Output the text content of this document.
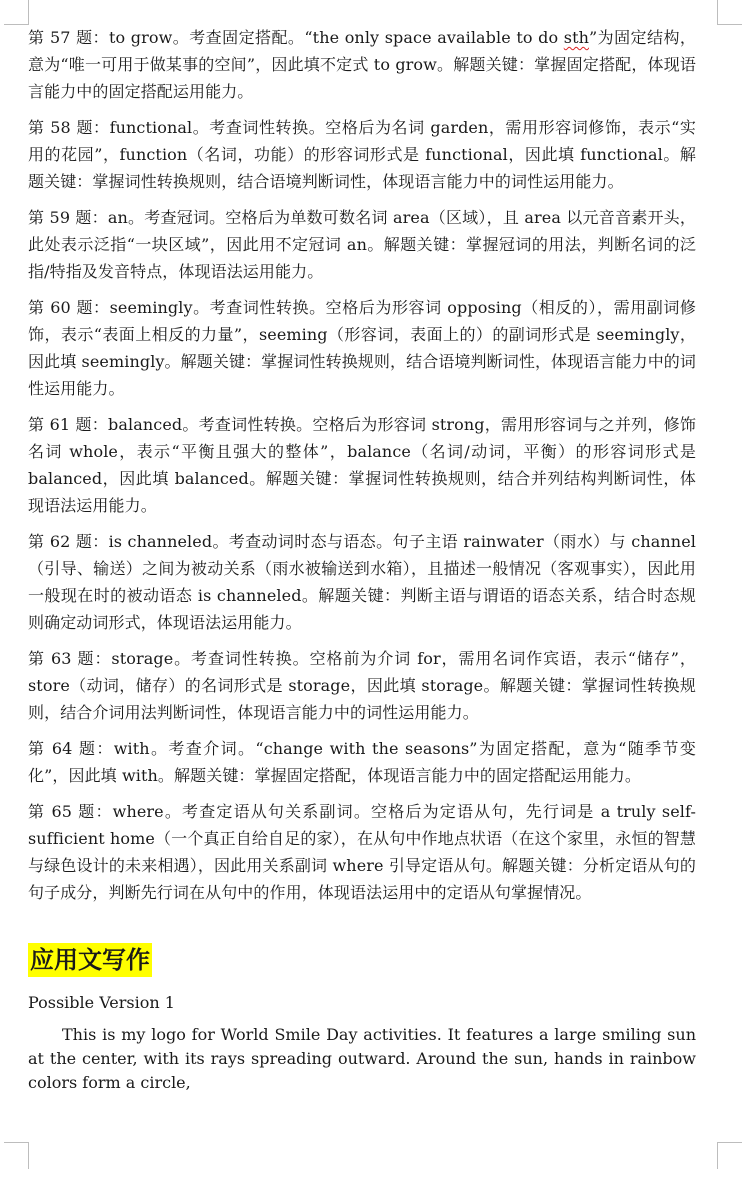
第 57 题：to grow。考查固定搭配。“the only space available to do sth”为固定结构，意为“唯一可用于做某事的空间”，因此填不定式 to grow。解题关键：掌握固定搭配，体现语言能力中的固定搭配运用能力。

第 58 题：functional。考查词性转换。空格后为名词 garden，需用形容词修饰，表示“实用的花园”，function（名词，功能）的形容词形式是 functional，因此填 functional。解题关键：掌握词性转换规则，结合语境判断词性，体现语言能力中的词性运用能力。

第 59 题：an。考查冠词。空格后为单数可数名词 area（区域），且 area 以元音音素开头，此处表示泛指“一块区域”，因此用不定冠词 an。解题关键：掌握冠词的用法，判断名词的泛指/特指及发音特点，体现语法运用能力。

第 60 题：seemingly。考查词性转换。空格后为形容词 opposing（相反的），需用副词修饰，表示“表面上相反的力量”，seeming（形容词，表面上的）的副词形式是 seemingly，因此填 seemingly。解题关键：掌握词性转换规则，结合语境判断词性，体现语言能力中的词性运用能力。

第 61 题：balanced。考查词性转换。空格后为形容词 strong，需用形容词与之并列，修饰名词 whole，表示“平衡且强大的整体”，balance（名词/动词，平衡）的形容词形式是 balanced，因此填 balanced。解题关键：掌握词性转换规则，结合并列结构判断词性，体现语法运用能力。

第 62 题：is channeled。考查动词时态与语态。句子主语 rainwater（雨水）与 channel（引导、输送）之间为被动关系（雨水被输送到水箱），且描述一般情况（客观事实），因此用一般现在时的被动语态 is channeled。解题关键：判断主语与谓语的语态关系，结合时态规则确定动词形式，体现语法运用能力。

第 63 题：storage。考查词性转换。空格前为介词 for，需用名词作宾语，表示“储存”，store（动词，储存）的名词形式是 storage，因此填 storage。解题关键：掌握词性转换规则，结合介词用法判断词性，体现语言能力中的词性运用能力。

第 64 题：with。考查介词。“change with the seasons”为固定搭配，意为“随季节变化”，因此填 with。解题关键：掌握固定搭配，体现语言能力中的固定搭配运用能力。

第 65 题：where。考查定语从句关系副词。空格后为定语从句，先行词是 a truly self-sufficient home（一个真正自给自足的家），在从句中作地点状语（在这个家里，永恒的智慧与绿色设计的未来相遇），因此用关系副词 where 引导定语从句。解题关键：分析定语从句的句子成分，判断先行词在从句中的作用，体现语法运用中的定语从句掌握情况。

应用文写作

Possible Version 1

This is my logo for World Smile Day activities. It features a large smiling sun at the center, with its rays spreading outward. Around the sun, hands in rainbow colors form a circle,
